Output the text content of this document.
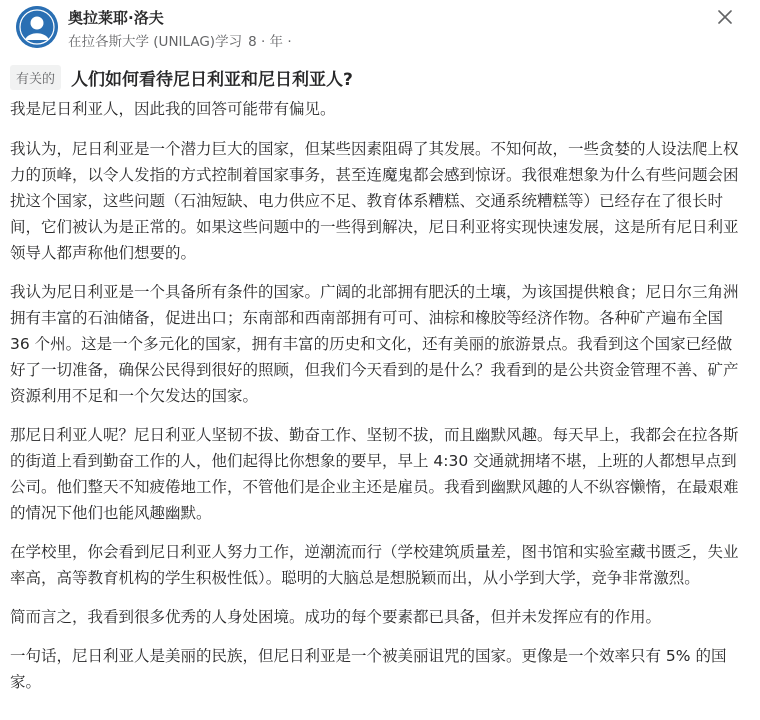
奥拉莱耶·洛夫
在拉各斯大学 (UNILAG)学习 8 · 年 ·
有关的 人们如何看待尼日利亚和尼日利亚人?

我是尼日利亚人，因此我的回答可能带有偏见。

我认为，尼日利亚是一个潜力巨大的国家，但某些因素阻碍了其发展。不知何故，一些贪婪的人设法爬上权力的顶峰，以令人发指的方式控制着国家事务，甚至连魔鬼都会感到惊讶。我很难想象为什么有些问题会困扰这个国家，这些问题（石油短缺、电力供应不足、教育体系糟糕、交通系统糟糕等）已经存在了很长时间，它们被认为是正常的。如果这些问题中的一些得到解决，尼日利亚将实现快速发展，这是所有尼日利亚领导人都声称他们想要的。

我认为尼日利亚是一个具备所有条件的国家。广阔的北部拥有肥沃的土壤，为该国提供粮食；尼日尔三角洲拥有丰富的石油储备，促进出口；东南部和西南部拥有可可、油棕和橡胶等经济作物。各种矿产遍布全国 36 个州。这是一个多元化的国家，拥有丰富的历史和文化，还有美丽的旅游景点。我看到这个国家已经做好了一切准备，确保公民得到很好的照顾，但我们今天看到的是什么？我看到的是公共资金管理不善、矿产资源利用不足和一个欠发达的国家。

那尼日利亚人呢？尼日利亚人坚韧不拔、勤奋工作、坚韧不拔，而且幽默风趣。每天早上，我都会在拉各斯的街道上看到勤奋工作的人，他们起得比你想象的要早，早上 4:30 交通就拥堵不堪，上班的人都想早点到公司。他们整天不知疲倦地工作，不管他们是企业主还是雇员。我看到幽默风趣的人不纵容懒惰，在最艰难的情况下他们也能风趣幽默。

在学校里，你会看到尼日利亚人努力工作，逆潮流而行（学校建筑质量差，图书馆和实验室藏书匮乏，失业率高，高等教育机构的学生积极性低）。聪明的大脑总是想脱颖而出，从小学到大学，竞争非常激烈。

简而言之，我看到很多优秀的人身处困境。成功的每个要素都已具备，但并未发挥应有的作用。

一句话，尼日利亚人是美丽的民族，但尼日利亚是一个被美丽诅咒的国家。更像是一个效率只有 5% 的国家。
